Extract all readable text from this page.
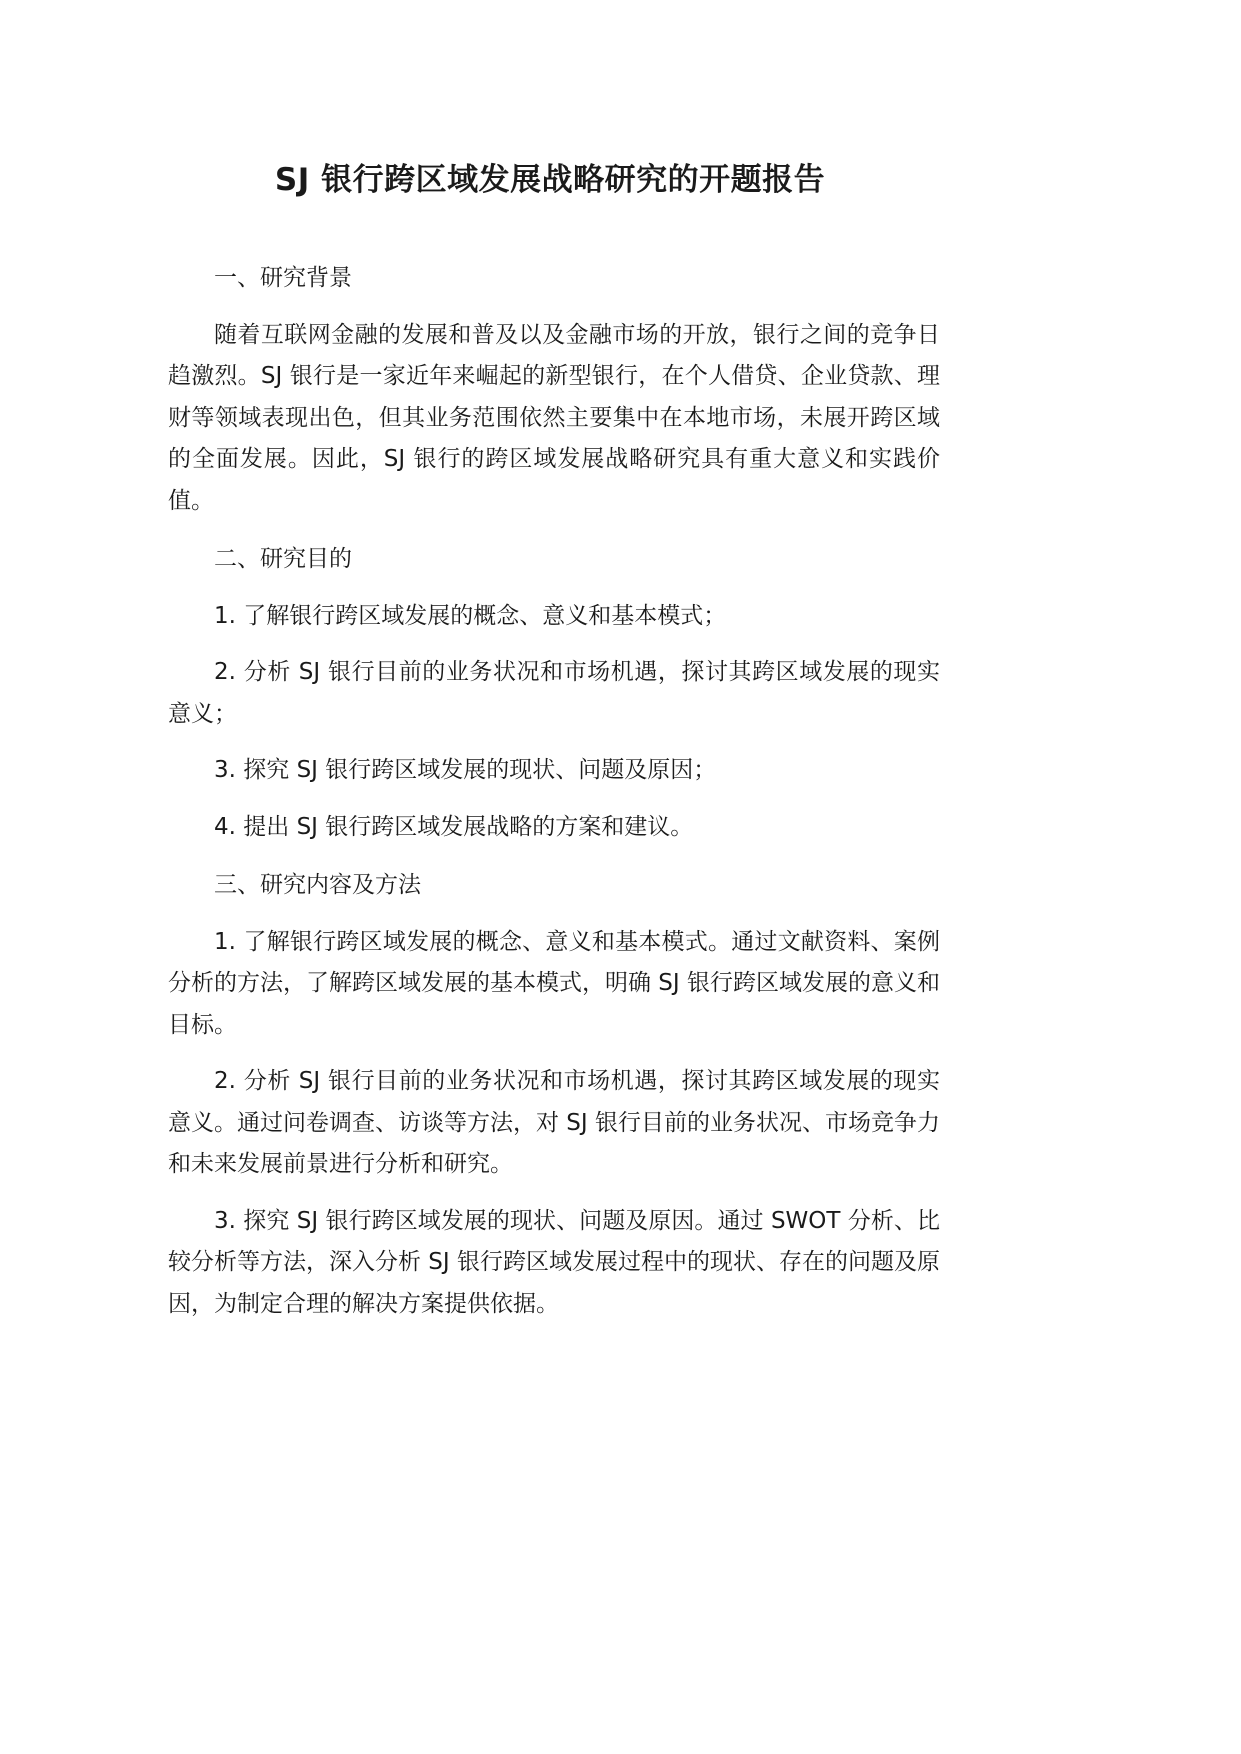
SJ 银行跨区域发展战略研究的开题报告

一、研究背景

随着互联网金融的发展和普及以及金融市场的开放，银行之间的竞争日趋激烈。SJ 银行是一家近年来崛起的新型银行，在个人借贷、企业贷款、理财等领域表现出色，但其业务范围依然主要集中在本地市场，未展开跨区域的全面发展。因此，SJ 银行的跨区域发展战略研究具有重大意义和实践价值。

二、研究目的

1. 了解银行跨区域发展的概念、意义和基本模式；

2. 分析 SJ 银行目前的业务状况和市场机遇，探讨其跨区域发展的现实意义；

3. 探究 SJ 银行跨区域发展的现状、问题及原因；

4. 提出 SJ 银行跨区域发展战略的方案和建议。

三、研究内容及方法

1. 了解银行跨区域发展的概念、意义和基本模式。通过文献资料、案例分析的方法，了解跨区域发展的基本模式，明确 SJ 银行跨区域发展的意义和目标。

2. 分析 SJ 银行目前的业务状况和市场机遇，探讨其跨区域发展的现实意义。通过问卷调查、访谈等方法，对 SJ 银行目前的业务状况、市场竞争力和未来发展前景进行分析和研究。

3. 探究 SJ 银行跨区域发展的现状、问题及原因。通过 SWOT 分析、比较分析等方法，深入分析 SJ 银行跨区域发展过程中的现状、存在的问题及原因，为制定合理的解决方案提供依据。
